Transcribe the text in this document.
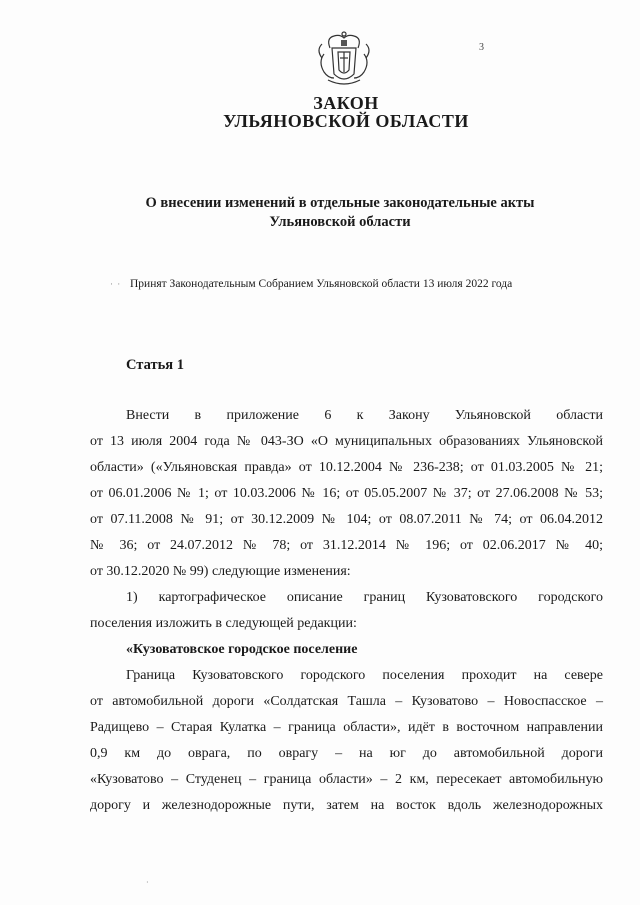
3
ЗАКОН
УЛЬЯНОВСКОЙ ОБЛАСТИ
О внесении изменений в отдельные законодательные акты
Ульяновской области
· · Принят Законодательным Собранием Ульяновской области 13 июля 2022 года
Статья 1
Внести в приложение 6 к Закону Ульяновской области
от 13 июля 2004 года № 043-ЗО «О муниципальных образованиях Ульяновской
области» («Ульяновская правда» от 10.12.2004 № 236-238; от 01.03.2005 № 21;
от 06.01.2006 № 1; от 10.03.2006 № 16; от 05.05.2007 № 37; от 27.06.2008 № 53;
от 07.11.2008 № 91; от 30.12.2009 № 104; от 08.07.2011 № 74; от 06.04.2012
№ 36; от 24.07.2012 № 78; от 31.12.2014 № 196; от 02.06.2017 № 40;
от 30.12.2020 № 99) следующие изменения:
1) картографическое описание границ Кузоватовского городского
поселения изложить в следующей редакции:
«Кузоватовское городское поселение
Граница Кузоватовского городского поселения проходит на севере
от автомобильной дороги «Солдатская Ташла – Кузоватово – Новоспасское –
Радищево – Старая Кулатка – граница области», идёт в восточном направлении
0,9 км до оврага, по оврагу – на юг до автомобильной дороги
«Кузоватово – Студенец – граница области» – 2 км, пересекает автомобильную
дорогу и железнодорожные пути, затем на восток вдоль железнодорожных
·
